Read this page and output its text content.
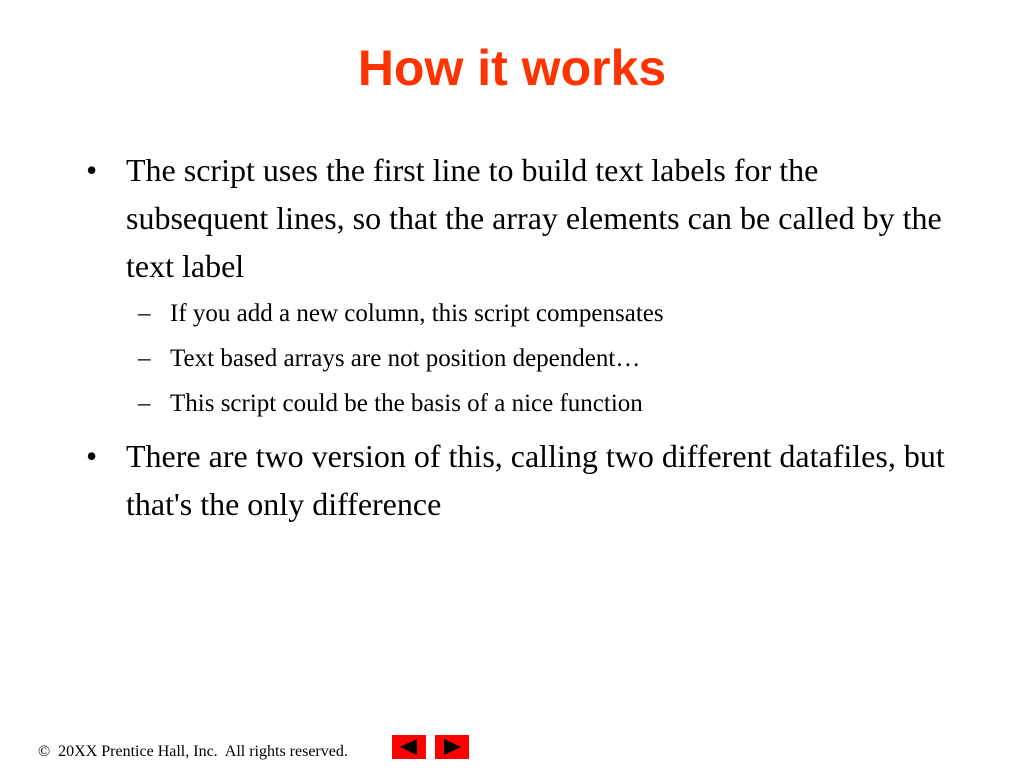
How it works
• The script uses the first line to build text labels for the subsequent lines, so that the array elements can be called by the text label
– If you add a new column, this script compensates
– Text based arrays are not position dependent…
– This script could be the basis of a nice function
• There are two version of this, calling two different datafiles, but that's the only difference
©  20XX Prentice Hall, Inc.  All rights reserved.
